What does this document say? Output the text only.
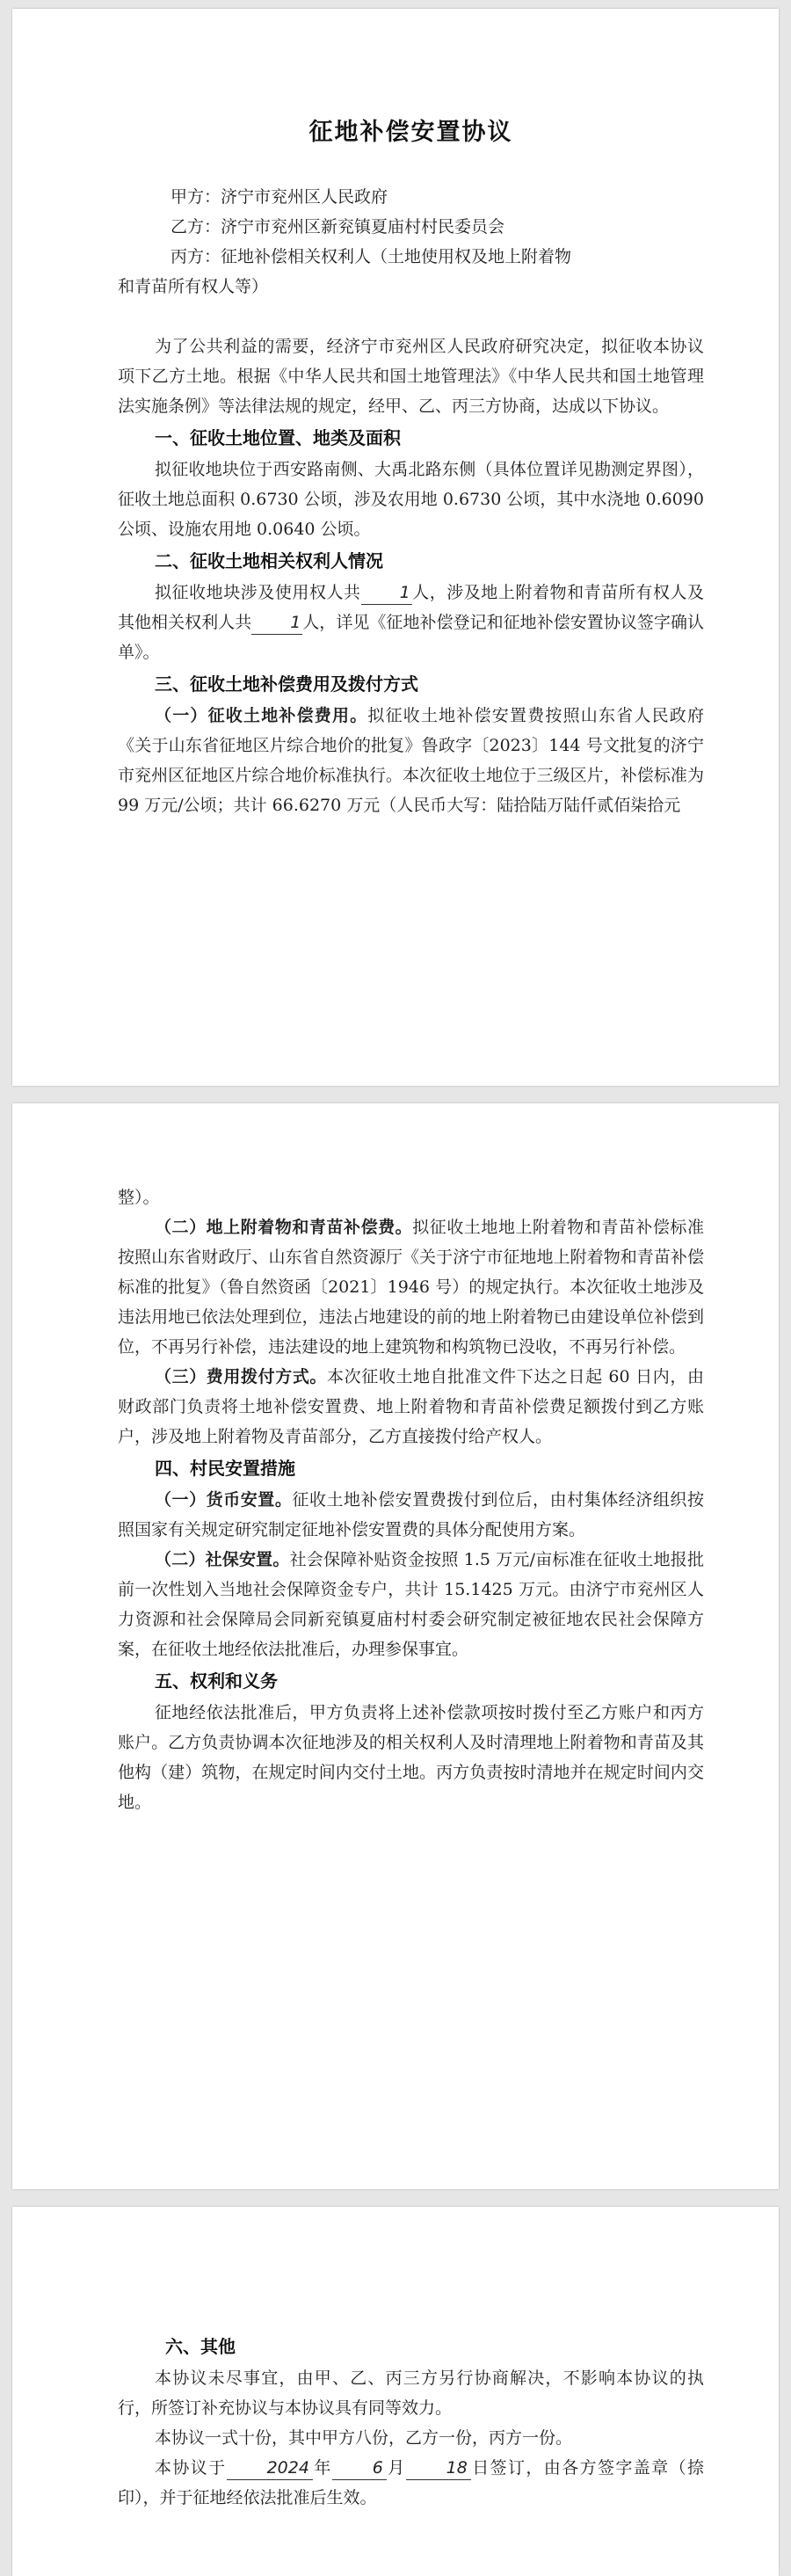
征地补偿安置协议

甲方：济宁市兖州区人民政府

乙方：济宁市兖州区新兖镇夏庙村村民委员会

丙方：征地补偿相关权利人（土地使用权及地上附着物

和青苗所有权人等）

为了公共利益的需要，经济宁市兖州区人民政府研究决定，拟征收本协议项下乙方土地。根据《中华人民共和国土地管理法》《中华人民共和国土地管理法实施条例》等法律法规的规定，经甲、乙、丙三方协商，达成以下协议。

一、征收土地位置、地类及面积

拟征收地块位于西安路南侧、大禹北路东侧（具体位置详见勘测定界图），征收土地总面积 0.6730 公顷，涉及农用地 0.6730 公顷，其中水浇地 0.6090 公顷、设施农用地 0.0640 公顷。

二、征收土地相关权利人情况

拟征收地块涉及使用权人共 1 人，涉及地上附着物和青苗所有权人及其他相关权利人共 1 人，详见《征地补偿登记和征地补偿安置协议签字确认单》。

三、征收土地补偿费用及拨付方式

（一）征收土地补偿费用。拟征收土地补偿安置费按照山东省人民政府《关于山东省征地区片综合地价的批复》鲁政字〔2023〕144 号文批复的济宁市兖州区征地区片综合地价标准执行。本次征收土地位于三级区片，补偿标准为 99 万元/公顷；共计 66.6270 万元（人民币大写：陆拾陆万陆仟贰佰柒拾元

整）。

（二）地上附着物和青苗补偿费。拟征收土地地上附着物和青苗补偿标准按照山东省财政厅、山东省自然资源厅《关于济宁市征地地上附着物和青苗补偿标准的批复》（鲁自然资函〔2021〕1946 号）的规定执行。本次征收土地涉及违法用地已依法处理到位，违法占地建设的前的地上附着物已由建设单位补偿到位，不再另行补偿，违法建设的地上建筑物和构筑物已没收，不再另行补偿。

（三）费用拨付方式。本次征收土地自批准文件下达之日起 60 日内，由财政部门负责将土地补偿安置费、地上附着物和青苗补偿费足额拨付到乙方账户，涉及地上附着物及青苗部分，乙方直接拨付给产权人。

四、村民安置措施

（一）货币安置。征收土地补偿安置费拨付到位后，由村集体经济组织按照国家有关规定研究制定征地补偿安置费的具体分配使用方案。

（二）社保安置。社会保障补贴资金按照 1.5 万元/亩标准在征收土地报批前一次性划入当地社会保障资金专户，共计 15.1425 万元。由济宁市兖州区人力资源和社会保障局会同新兖镇夏庙村村委会研究制定被征地农民社会保障方案，在征收土地经依法批准后，办理参保事宜。

五、权利和义务

征地经依法批准后，甲方负责将上述补偿款项按时拨付至乙方账户和丙方账户。乙方负责协调本次征地涉及的相关权利人及时清理地上附着物和青苗及其他构（建）筑物，在规定时间内交付土地。丙方负责按时清地并在规定时间内交地。

六、其他

本协议未尽事宜，由甲、乙、丙三方另行协商解决，不影响本协议的执行，所签订补充协议与本协议具有同等效力。

本协议一式十份，其中甲方八份，乙方一份，丙方一份。

本协议于 2024 年 6 月 18 日签订，由各方签字盖章（捺印），并于征地经依法批准后生效。
